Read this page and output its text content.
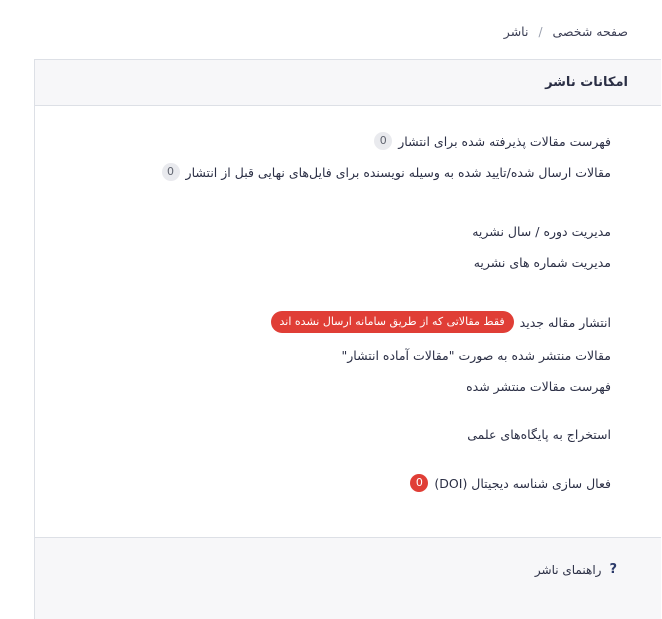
صفحه شخصی
/
ناشر
امکانات ناشر
فهرست مقالات پذیرفته شده برای انتشار
0
مقالات ارسال شده/تایید شده به وسیله نویسنده برای فایل‌های نهایی قبل از انتشار
0
مدیریت دوره / سال نشریه
مدیریت شماره های نشریه
انتشار مقاله جدید
فقط مقالاتی که از طریق سامانه ارسال نشده اند
مقالات منتشر شده به صورت "مقالات آماده انتشار"
فهرست مقالات منتشر شده
استخراج به پایگاه‌های علمی
فعال سازی شناسه دیجیتال (DOI)
0
?
راهنمای ناشر
